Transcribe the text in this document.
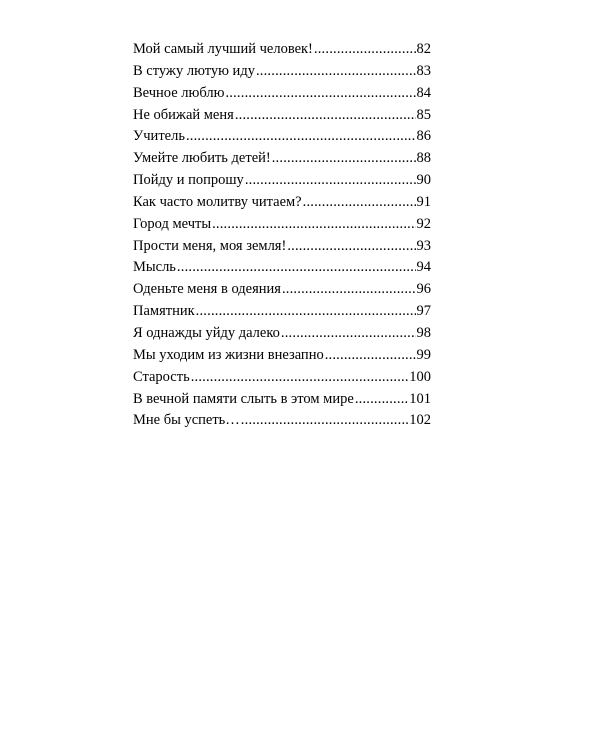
Мой самый лучший человек! .....	82
В стужу лютую иду .....	83
Вечное люблю .....	84
Не обижай меня .....	85
Учитель .....	86
Умейте любить детей! .....	88
Пойду и попрошу .....	90
Как часто молитву читаем? .....	91
Город мечты .....	92
Прости меня, моя земля! .....	93
Мысль .....	94
Оденьте меня в одеяния .....	96
Памятник .....	97
Я однажды уйду далеко .....	98
Мы уходим из жизни внезапно .....	99
Старость .....	100
В вечной памяти слыть в этом мире .....	101
Мне бы успеть… .....	102
